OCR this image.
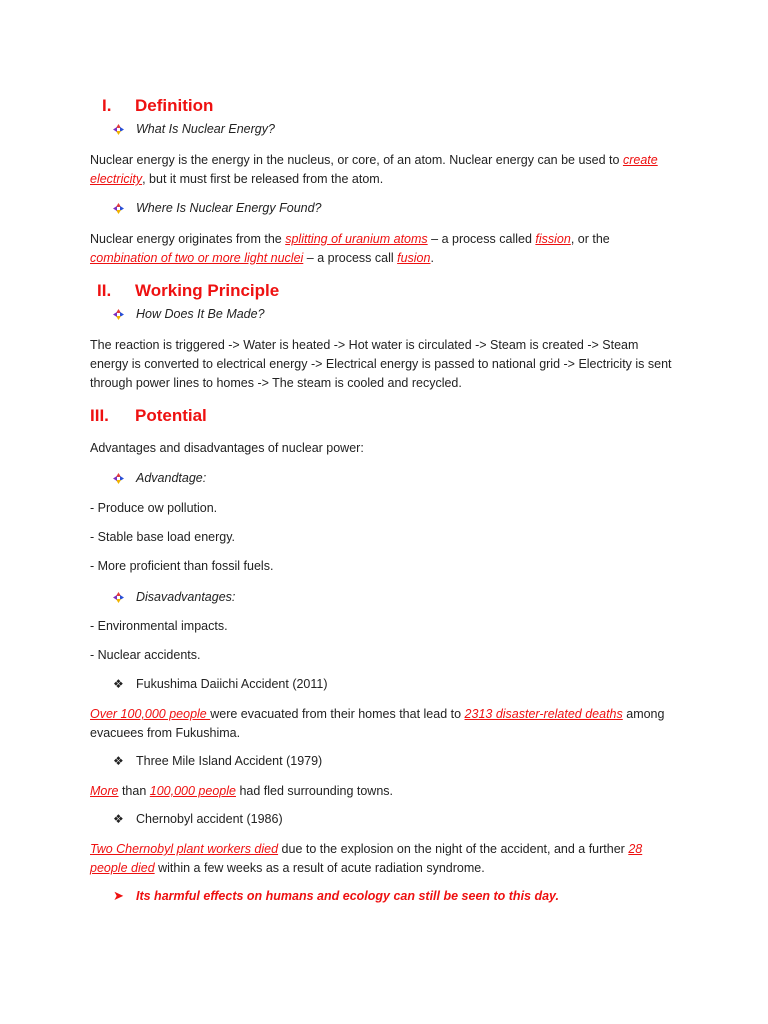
I. Definition
What Is Nuclear Energy?
Nuclear energy is the energy in the nucleus, or core, of an atom. Nuclear energy can be used to create
electricity, but it must first be released from the atom.
Where Is Nuclear Energy Found?
Nuclear energy originates from the splitting of uranium atoms – a process called fission, or the
combination of two or more light nuclei – a process call fusion.
II. Working Principle
How Does It Be Made?
The reaction is triggered -> Water is heated -> Hot water is circulated -> Steam is created -> Steam
energy is converted to electrical energy -> Electrical energy is passed to national grid -> Electricity is sent
through power lines to homes -> The steam is cooled and recycled.
III. Potential
Advantages and disadvantages of nuclear power:
Advandtage:
- Produce ow pollution.
- Stable base load energy.
- More proficient than fossil fuels.
Disavadvantages:
- Environmental impacts.
- Nuclear accidents.
❖ Fukushima Daiichi Accident (2011)
Over 100,000 people were evacuated from their homes that lead to 2313 disaster-related deaths among
evacuees from Fukushima.
❖ Three Mile Island Accident (1979)
More than 100,000 people had fled surrounding towns.
❖ Chernobyl accident (1986)
Two Chernobyl plant workers died due to the explosion on the night of the accident, and a further 28
people died within a few weeks as a result of acute radiation syndrome.
➤ Its harmful effects on humans and ecology can still be seen to this day.
